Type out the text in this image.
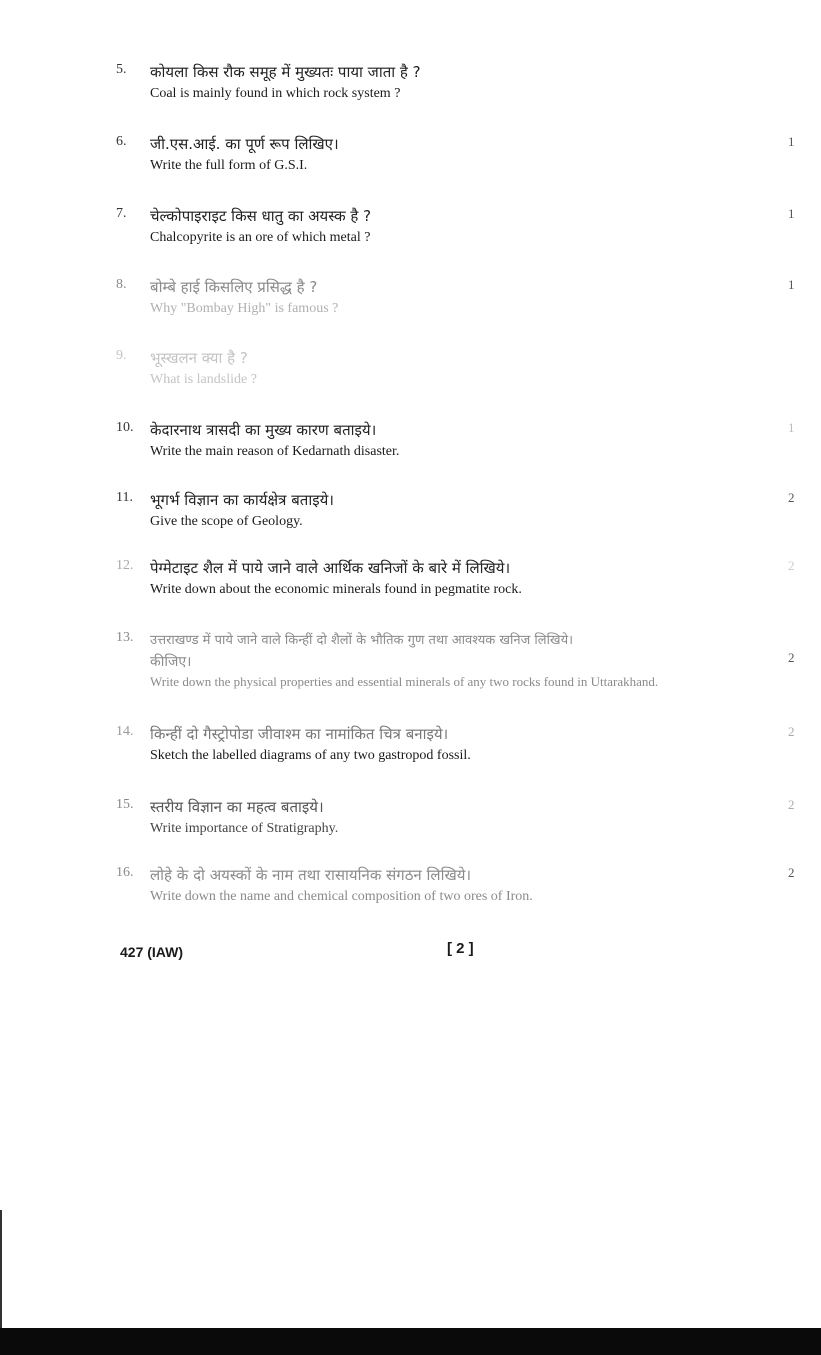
5. कोयला किस रौक समूह में मुख्यतः पाया जाता है ?
Coal is mainly found in which rock system ?
6. जी.एस.आई. का पूर्ण रूप लिखिए।
Write the full form of G.S.I.
1
7. चेल्कोपाइराइट किस धातु का अयस्क है ?
Chalcopyrite is an ore of which metal ?
1
8. बोम्बे हाई किसलिए प्रसिद्ध है ?
Why "Bombay High" is famous ?
1
9. भूस्खलन क्या है ?
What is landslide ?
10. केदारनाथ त्रासदी का मुख्य कारण बताइये।
Write the main reason of Kedarnath disaster.
1
11. भूगर्भ विज्ञान का कार्यक्षेत्र बताइये।
Give the scope of Geology.
2
12. पेग्मेटाइट शैल में पाये जाने वाले आर्थिक खनिजों के बारे में लिखिये।
Write down about the economic minerals found in pegmatite rock.
2
13. उत्तराखण्ड में पाये जाने वाले किन्हीं दो शैलों के भौतिक गुण तथा आवश्यक खनिज लिखिये।
कीजिए।
Write down the physical properties and essential minerals of any two rocks found in Uttarakhand.
2
14. किन्हीं दो गैस्ट्रोपोडा जीवाश्म का नामांकित चित्र बनाइये।
Sketch the labelled diagrams of any two gastropod fossil.
2
15. स्तरीय विज्ञान का महत्व बताइये।
Write importance of Stratigraphy.
2
16. लोहे के दो अयस्कों के नाम तथा रासायनिक संगठन लिखिये।
Write down the name and chemical composition of two ores of Iron.
2
427 (IAW)	[ 2 ]
